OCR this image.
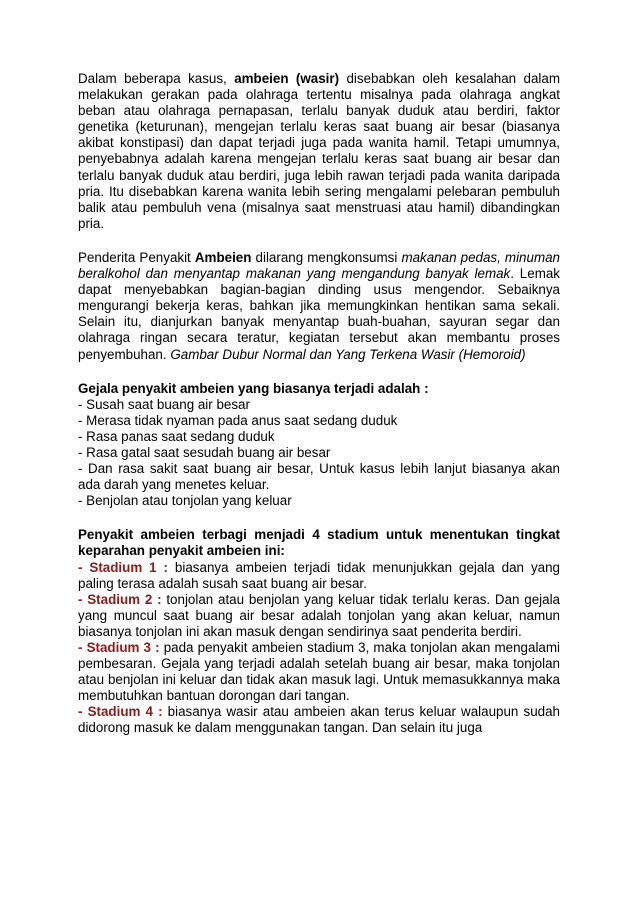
Dalam beberapa kasus, ambeien (wasir) disebabkan oleh kesalahan dalam melakukan gerakan pada olahraga tertentu misalnya pada olahraga angkat beban atau olahraga pernapasan, terlalu banyak duduk atau berdiri, faktor genetika (keturunan), mengejan terlalu keras saat buang air besar (biasanya akibat konstipasi) dan dapat terjadi juga pada wanita hamil. Tetapi umumnya, penyebabnya adalah karena mengejan terlalu keras saat buang air besar dan terlalu banyak duduk atau berdiri, juga lebih rawan terjadi pada wanita daripada pria. Itu disebabkan karena wanita lebih sering mengalami pelebaran pembuluh balik atau pembuluh vena (misalnya saat menstruasi atau hamil) dibandingkan pria.

Penderita Penyakit Ambeien dilarang mengkonsumsi makanan pedas, minuman beralkohol dan menyantap makanan yang mengandung banyak lemak. Lemak dapat menyebabkan bagian-bagian dinding usus mengendor. Sebaiknya mengurangi bekerja keras, bahkan jika memungkinkan hentikan sama sekali. Selain itu, dianjurkan banyak menyantap buah-buahan, sayuran segar dan olahraga ringan secara teratur, kegiatan tersebut akan membantu proses penyembuhan. Gambar Dubur Normal dan Yang Terkena Wasir (Hemoroid)

Gejala penyakit ambeien yang biasanya terjadi adalah :

- Susah saat buang air besar

- Merasa tidak nyaman pada anus saat sedang duduk

- Rasa panas saat sedang duduk

- Rasa gatal saat sesudah buang air besar

- Dan rasa sakit saat buang air besar, Untuk kasus lebih lanjut biasanya akan ada darah yang menetes keluar.

- Benjolan atau tonjolan yang keluar

Penyakit ambeien terbagi menjadi 4 stadium untuk menentukan tingkat keparahan penyakit ambeien ini:

- Stadium 1 : biasanya ambeien terjadi tidak menunjukkan gejala dan yang paling terasa adalah susah saat buang air besar.

- Stadium 2 : tonjolan atau benjolan yang keluar tidak terlalu keras. Dan gejala yang muncul saat buang air besar adalah tonjolan yang akan keluar, namun biasanya tonjolan ini akan masuk dengan sendirinya saat penderita berdiri.

- Stadium 3 : pada penyakit ambeien stadium 3, maka tonjolan akan mengalami pembesaran. Gejala yang terjadi adalah setelah buang air besar, maka tonjolan atau benjolan ini keluar dan tidak akan masuk lagi. Untuk memasukkannya maka membutuhkan bantuan dorongan dari tangan.

- Stadium 4 : biasanya wasir atau ambeien akan terus keluar walaupun sudah didorong masuk ke dalam menggunakan tangan. Dan selain itu juga
